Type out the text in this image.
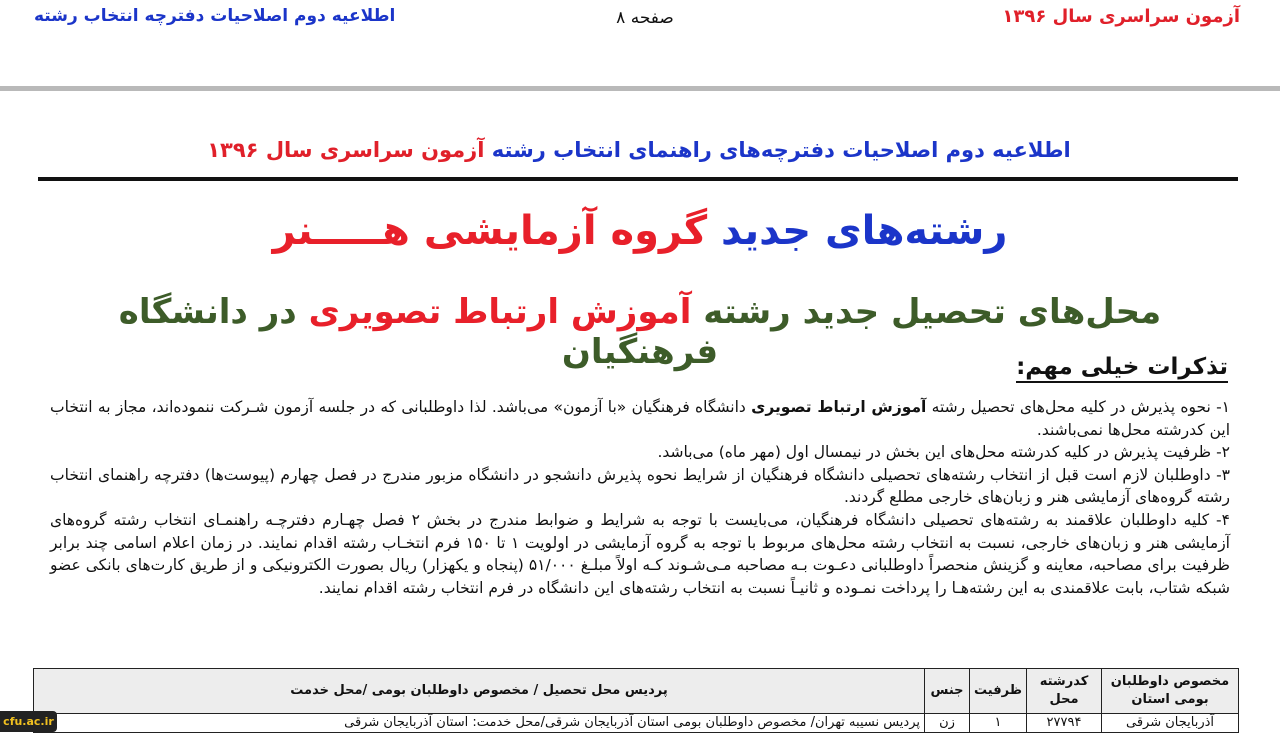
آزمون سراسری سال ۱۳۹۶
صفحه ۸
اطلاعیه دوم اصلاحیات دفترچه انتخاب رشته
اطلاعیه دوم اصلاحیات دفترچه‌های راهنمای انتخاب رشته آزمون سراسری سال ۱۳۹۶
رشته‌های جدید گروه آزمایشی هـــــنر
محل‌های تحصیل جدید رشته آموزش ارتباط تصویری در دانشگاه فرهنگیان	تذکرات خیلی مهم:

۱- نحوه پذیرش در کلیه محل‌های تحصیل رشته آموزش ارتباط تصویری دانشگاه فرهنگیان «با آزمون» می‌باشد. لذا داوطلبانی که در جلسه آزمون شـرکت ننموده‌اند، مجاز به انتخاب این کدرشته محل‌ها نمی‌باشند.

۲- ظرفیت پذیرش در کلیه کدرشته محل‌های این بخش در نیمسال اول (مهر ماه) می‌باشد.

۳- داوطلبان لازم است قبل از انتخاب رشته‌های تحصیلی دانشگاه فرهنگیان از شرایط نحوه پذیرش دانشجو در دانشگاه مزبور مندرج در فصل چهارم (پیوست‌ها) دفترچه راهنمای انتخاب رشته گروه‌های آزمایشی هنر و زبان‌های خارجی مطلع گردند.

۴- کلیه داوطلبان علاقمند به رشته‌های تحصیلی دانشگاه فرهنگیان، می‌بایست با توجه به شرایط و ضوابط مندرج در بخش ۲ فصل چهـارم دفترچـه راهنمـای انتخاب رشته گروه‌های آزمایشی هنر و زبان‌های خارجی، نسبت به انتخاب رشته محل‌های مربوط با توجه به گروه آزمایشی در اولویت ۱ تا ۱۵۰ فرم انتخـاب رشته اقدام نمایند. در زمان اعلام اسامی چند برابر ظرفیت برای مصاحبه، معاینه و گزینش منحصراً داوطلبانی دعـوت بـه مصاحبه مـی‌شـوند کـه اولاً مبلـغ ۵۱/۰۰۰ (پنجاه و یکهزار) ریال بصورت الکترونیکی و از طریق کارت‌های بانکی عضو شبکه شتاب، بابت علاقمندی به این رشته‌هـا را پرداخت نمـوده و ثانیـاً نسبت به انتخاب رشته‌های این دانشگاه در فرم انتخاب رشته اقدام نمایند.

مخصوص داوطلبان بومی استان	کدرشته محل	ظرفیت	جنس	پردیس محل تحصیل / مخصوص داوطلبان بومی /محل خدمت
آذربایجان شرقی	۲۷۷۹۴	۱	زن	پردیس نسیبه تهران/ مخصوص داوطلبان بومی استان آذربایجان شرقی/محل خدمت: استان آذربایجان شرقی
cfu.ac.ir
